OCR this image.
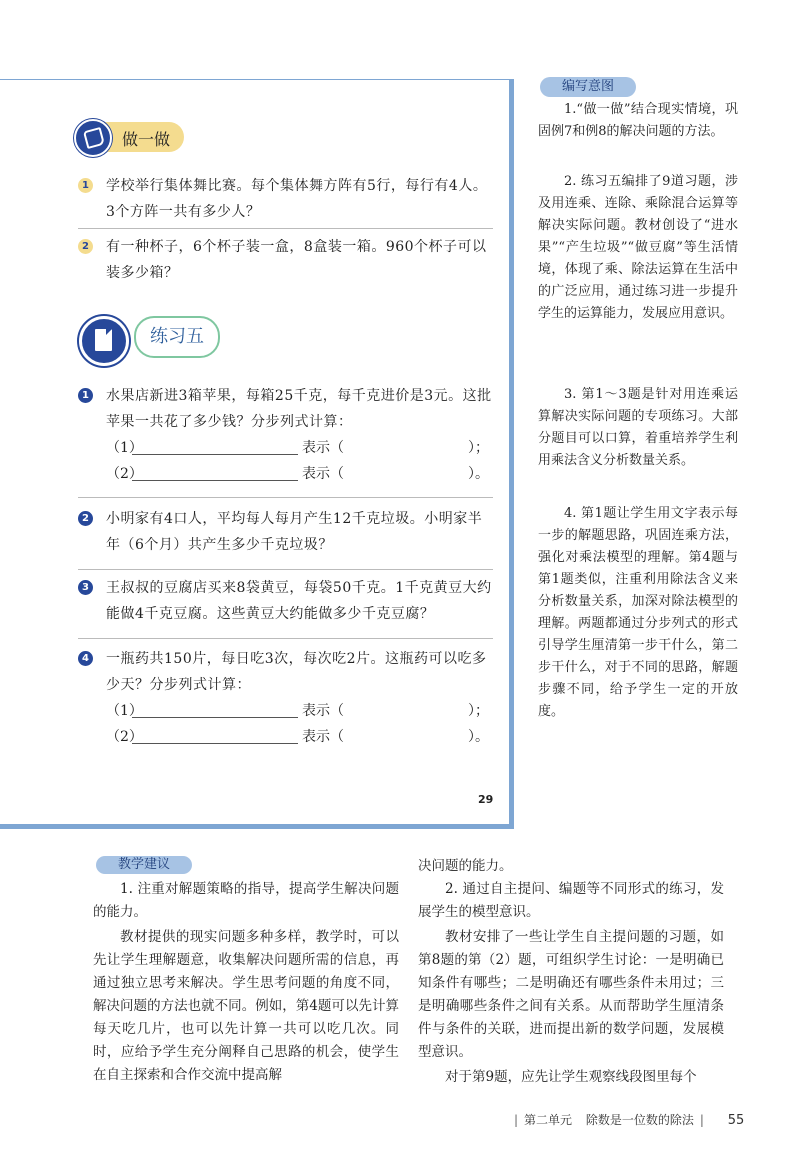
做一做
1 学校举行集体舞比赛。每个集体舞方阵有5行，每行有4人。3个方阵一共有多少人？
2 有一种杯子，6个杯子装一盒，8盒装一箱。960个杯子可以装多少箱？
练习五
1 水果店新进3箱苹果，每箱25千克，每千克进价是3元。这批苹果一共花了多少钱？分步列式计算：
（1）	表示（	）；
（2）	表示（	）。
2 小明家有4口人，平均每人每月产生12千克垃圾。小明家半年（6个月）共产生多少千克垃圾？
3 王叔叔的豆腐店买来8袋黄豆，每袋50千克。1千克黄豆大约能做4千克豆腐。这些黄豆大约能做多少千克豆腐？
4 一瓶药共150片，每日吃3次，每次吃2片。这瓶药可以吃多少天？分步列式计算：
（1）	表示（	）；
（2）	表示（	）。
29
编写意图
1.“做一做”结合现实情境，巩固例7和例8的解决问题的方法。
2. 练习五编排了9道习题，涉及用连乘、连除、乘除混合运算等解决实际问题。教材创设了“进水果”“产生垃圾”“做豆腐”等生活情境，体现了乘、除法运算在生活中的广泛应用，通过练习进一步提升学生的运算能力，发展应用意识。
3. 第1～3题是针对用连乘运算解决实际问题的专项练习。大部分题目可以口算，着重培养学生利用乘法含义分析数量关系。
4. 第1题让学生用文字表示每一步的解题思路，巩固连乘方法，强化对乘法模型的理解。第4题与第1题类似，注重利用除法含义来分析数量关系，加深对除法模型的理解。两题都通过分步列式的形式引导学生厘清第一步干什么，第二步干什么，对于不同的思路，解题步骤不同，给予学生一定的开放度。
教学建议
1. 注重对解题策略的指导，提高学生解决问题的能力。
教材提供的现实问题多种多样，教学时，可以先让学生理解题意，收集解决问题所需的信息，再通过独立思考来解决。学生思考问题的角度不同，解决问题的方法也就不同。例如，第4题可以先计算每天吃几片，也可以先计算一共可以吃几次。同时，应给予学生充分阐释自己思路的机会，使学生在自主探索和合作交流中提高解
决问题的能力。
2. 通过自主提问、编题等不同形式的练习，发展学生的模型意识。
教材安排了一些让学生自主提问题的习题，如第8题的第（2）题，可组织学生讨论：一是明确已知条件有哪些；二是明确还有哪些条件未用过；三是明确哪些条件之间有关系。从而帮助学生厘清条件与条件的关联，进而提出新的数学问题，发展模型意识。
对于第9题，应先让学生观察线段图里每个
| 第二单元 除数是一位数的除法 | 55
